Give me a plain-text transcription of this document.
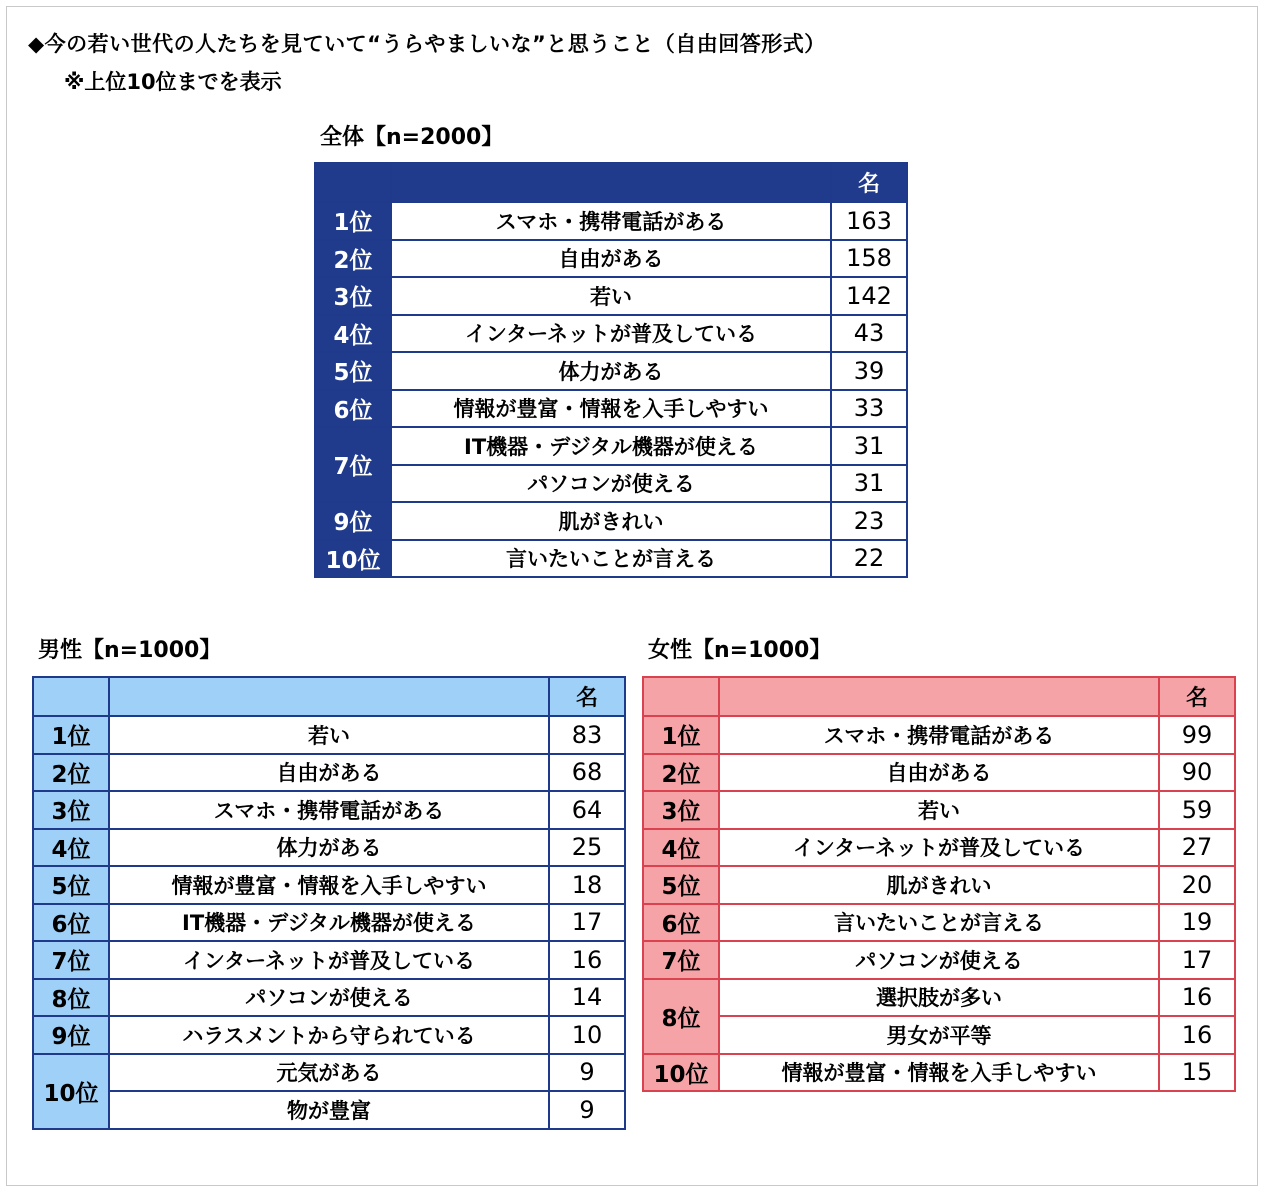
◆今の若い世代の人たちを見ていて“うらやましいな”と思うこと（自由回答形式）
※上位10位までを表示
全体【n=2000】
		名
1位	スマホ・携帯電話がある	163
2位	自由がある	158
3位	若い	142
4位	インターネットが普及している	43
5位	体力がある	39
6位	情報が豊富・情報を入手しやすい	33
7位	IT機器・デジタル機器が使える	31
	パソコンが使える	31
9位	肌がきれい	23
10位	言いたいことが言える	22
男性【n=1000】
		名
1位	若い	83
2位	自由がある	68
3位	スマホ・携帯電話がある	64
4位	体力がある	25
5位	情報が豊富・情報を入手しやすい	18
6位	IT機器・デジタル機器が使える	17
7位	インターネットが普及している	16
8位	パソコンが使える	14
9位	ハラスメントから守られている	10
10位	元気がある	9
	物が豊富	9
女性【n=1000】
		名
1位	スマホ・携帯電話がある	99
2位	自由がある	90
3位	若い	59
4位	インターネットが普及している	27
5位	肌がきれい	20
6位	言いたいことが言える	19
7位	パソコンが使える	17
8位	選択肢が多い	16
	男女が平等	16
10位	情報が豊富・情報を入手しやすい	15
